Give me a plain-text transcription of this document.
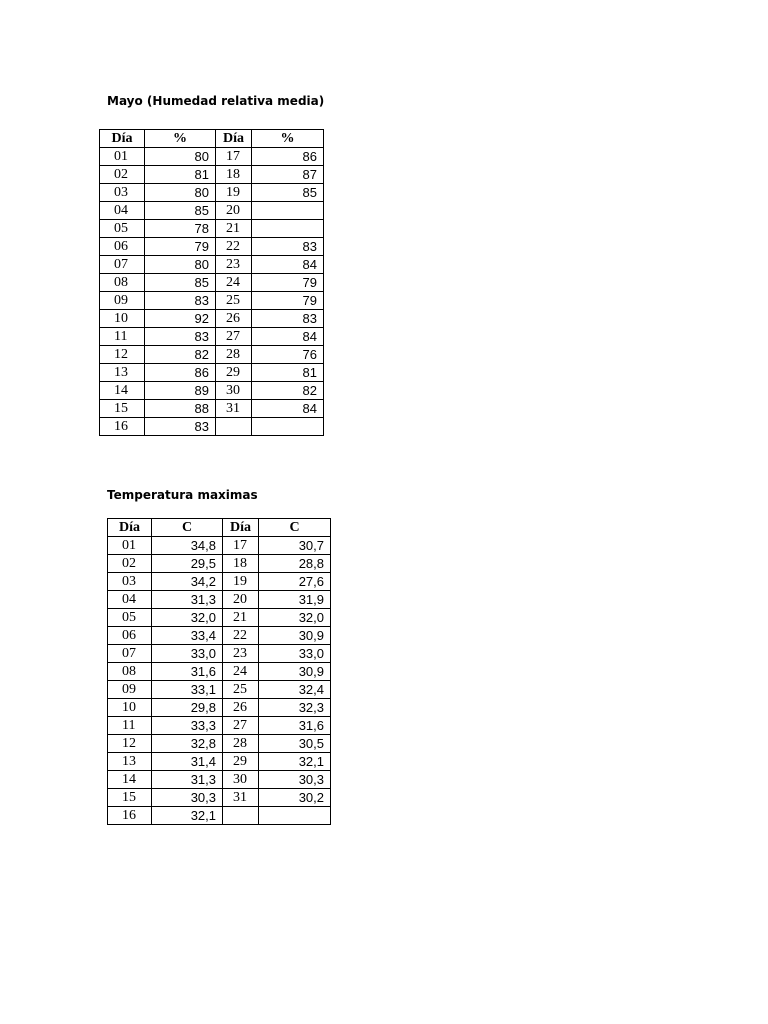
Mayo (Humedad relativa media)
Día	%	Día	%
01	80	17	86
02	81	18	87
03	80	19	85
04	85	20	
05	78	21	
06	79	22	83
07	80	23	84
08	85	24	79
09	83	25	79
10	92	26	83
11	83	27	84
12	82	28	76
13	86	29	81
14	89	30	82
15	88	31	84
16	83		
Temperatura maximas
Día	C	Día	C
01	34,8	17	30,7
02	29,5	18	28,8
03	34,2	19	27,6
04	31,3	20	31,9
05	32,0	21	32,0
06	33,4	22	30,9
07	33,0	23	33,0
08	31,6	24	30,9
09	33,1	25	32,4
10	29,8	26	32,3
11	33,3	27	31,6
12	32,8	28	30,5
13	31,4	29	32,1
14	31,3	30	30,3
15	30,3	31	30,2
16	32,1		
